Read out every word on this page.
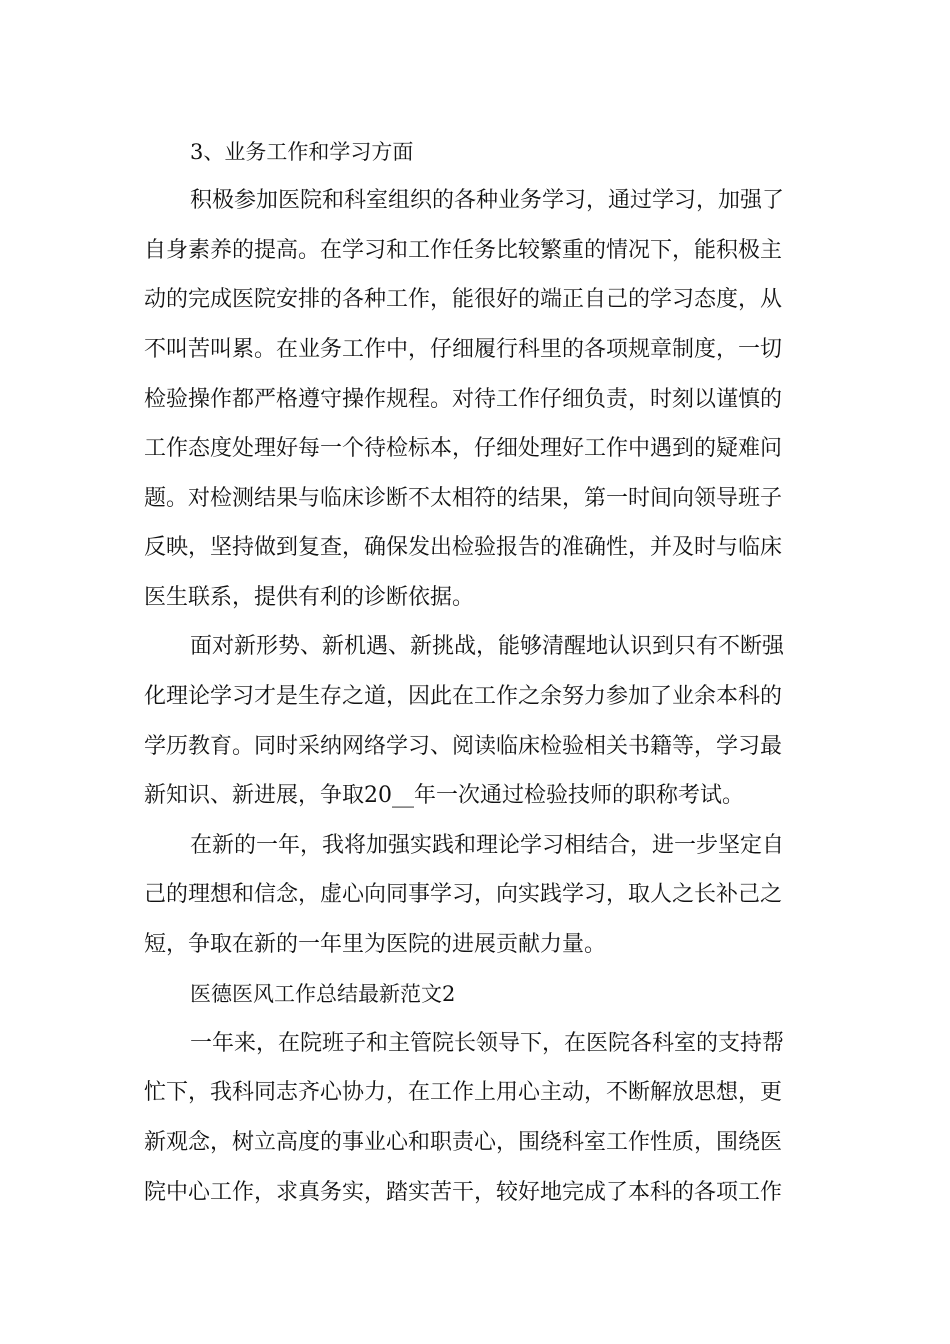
3、业务工作和学习方面
积极参加医院和科室组织的各种业务学习，通过学习，加强了
自身素养的提高。在学习和工作任务比较繁重的情况下，能积极主
动的完成医院安排的各种工作，能很好的端正自己的学习态度，从
不叫苦叫累。在业务工作中，仔细履行科里的各项规章制度，一切
检验操作都严格遵守操作规程。对待工作仔细负责，时刻以谨慎的
工作态度处理好每一个待检标本，仔细处理好工作中遇到的疑难问
题。对检测结果与临床诊断不太相符的结果，第一时间向领导班子
反映，坚持做到复查，确保发出检验报告的准确性，并及时与临床
医生联系，提供有利的诊断依据。
面对新形势、新机遇、新挑战，能够清醒地认识到只有不断强
化理论学习才是生存之道，因此在工作之余努力参加了业余本科的
学历教育。同时采纳网络学习、阅读临床检验相关书籍等，学习最
新知识、新进展，争取20__年一次通过检验技师的职称考试。
在新的一年，我将加强实践和理论学习相结合，进一步坚定自
己的理想和信念，虚心向同事学习，向实践学习，取人之长补己之
短，争取在新的一年里为医院的进展贡献力量。
医德医风工作总结最新范文2
一年来，在院班子和主管院长领导下，在医院各科室的支持帮
忙下，我科同志齐心协力，在工作上用心主动，不断解放思想，更
新观念，树立高度的事业心和职责心，围绕科室工作性质，围绕医
院中心工作，求真务实，踏实苦干，较好地完成了本科的各项工作
